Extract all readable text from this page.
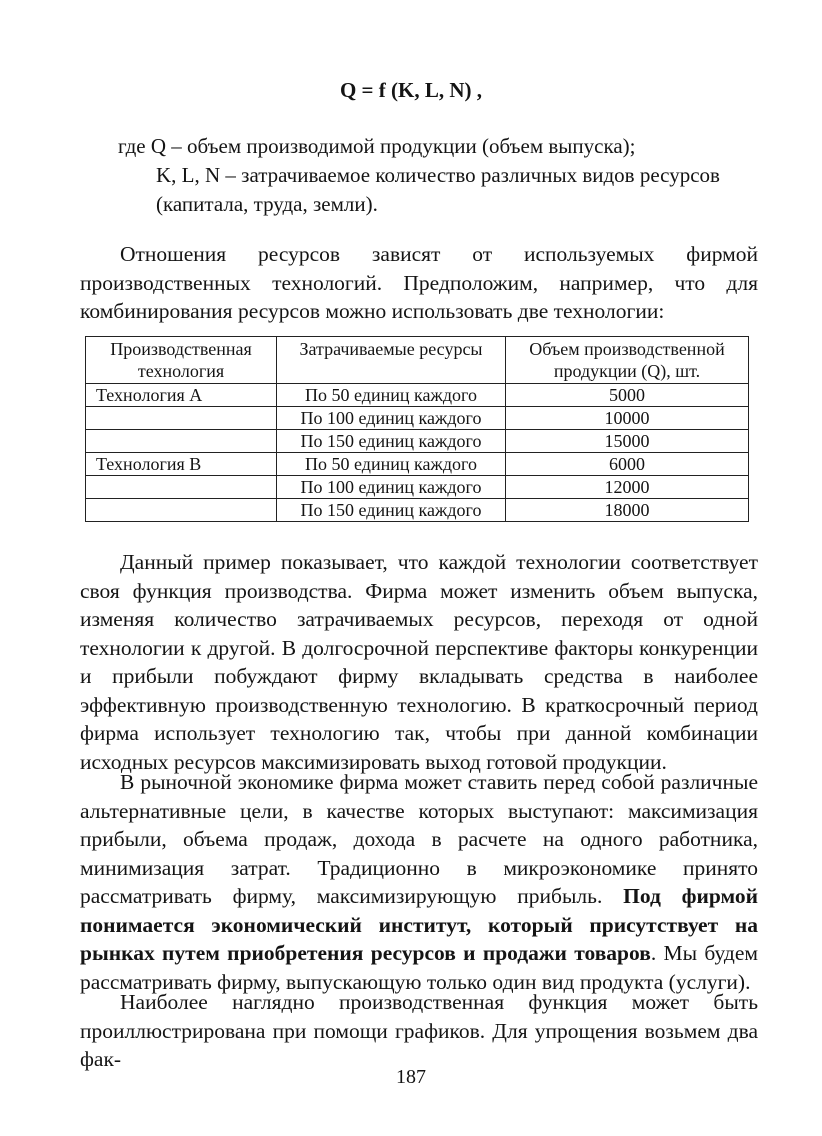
Q = f (K, L, N) ,
где Q – объем производимой продукции (объем выпуска);
K, L, N – затрачиваемое количество различных видов ресурсов
(капитала, труда, земли).

Отношения ресурсов зависят от используемых фирмой производственных технологий. Предположим, например, что для комбинирования ресурсов можно использовать две технологии:

Производственная технология	Затрачиваемые ресурсы	Объем производственной продукции (Q), шт.
Технология А	По 50 единиц каждого	5000
	По 100 единиц каждого	10000
	По 150 единиц каждого	15000
Технология В	По 50 единиц каждого	6000
	По 100 единиц каждого	12000
	По 150 единиц каждого	18000

Данный пример показывает, что каждой технологии соответствует своя функция производства. Фирма может изменить объем выпуска, изменяя количество затрачиваемых ресурсов, переходя от одной технологии к другой. В долгосрочной перспективе факторы конкуренции и прибыли побуждают фирму вкладывать средства в наиболее эффективную производственную технологию. В краткосрочный период фирма использует технологию так, чтобы при данной комбинации исходных ресурсов максимизировать выход готовой продукции.

В рыночной экономике фирма может ставить перед собой различные альтернативные цели, в качестве которых выступают: максимизация прибыли, объема продаж, дохода в расчете на одного работника, минимизация затрат. Традиционно в микроэкономике принято рассматривать фирму, максимизирующую прибыль. Под фирмой понимается экономический институт, который присутствует на рынках путем приобретения ресурсов и продажи товаров. Мы будем рассматривать фирму, выпускающую только один вид продукта (услуги).

Наиболее наглядно производственная функция может быть проиллюстрирована при помощи графиков. Для упрощения возьмем два фак-

187
